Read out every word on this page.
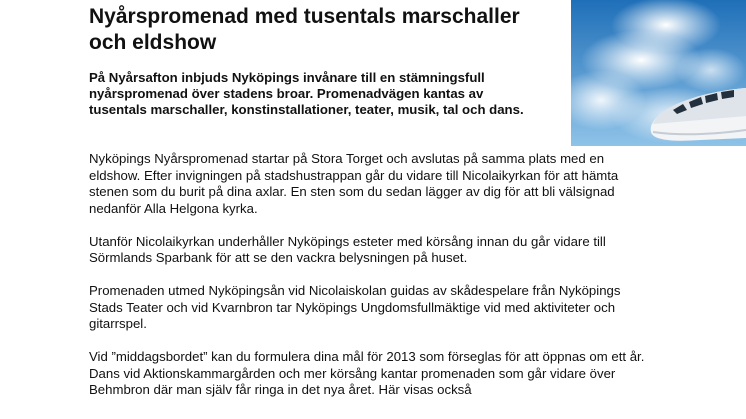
Nyårspromenad med tusentals marschaller och eldshow

På Nyårsafton inbjuds Nyköpings invånare till en stämningsfull nyårspromenad över stadens broar. Promenadvägen kantas av tusentals marschaller, konstinstallationer, teater, musik, tal och dans.

Nyköpings Nyårspromenad startar på Stora Torget och avslutas på samma plats med en eldshow. Efter invigningen på stadshustrappan går du vidare till Nicolaikyrkan för att hämta stenen som du burit på dina axlar. En sten som du sedan lägger av dig för att bli välsignad nedanför Alla Helgona kyrka.

Utanför Nicolaikyrkan underhåller Nyköpings esteter med körsång innan du går vidare till Sörmlands Sparbank för att se den vackra belysningen på huset.

Promenaden utmed Nyköpingsån vid Nicolaiskolan guidas av skådespelare från Nyköpings Stads Teater och vid Kvarnbron tar Nyköpings Ungdomsfullmäktige vid med aktiviteter och gitarrspel.

Vid ”middagsbordet” kan du formulera dina mål för 2013 som förseglas för att öppnas om ett år. Dans vid Aktionskammargården och mer körsång kantar promenaden som går vidare över Behmbron där man själv får ringa in det nya året. Här visas också
